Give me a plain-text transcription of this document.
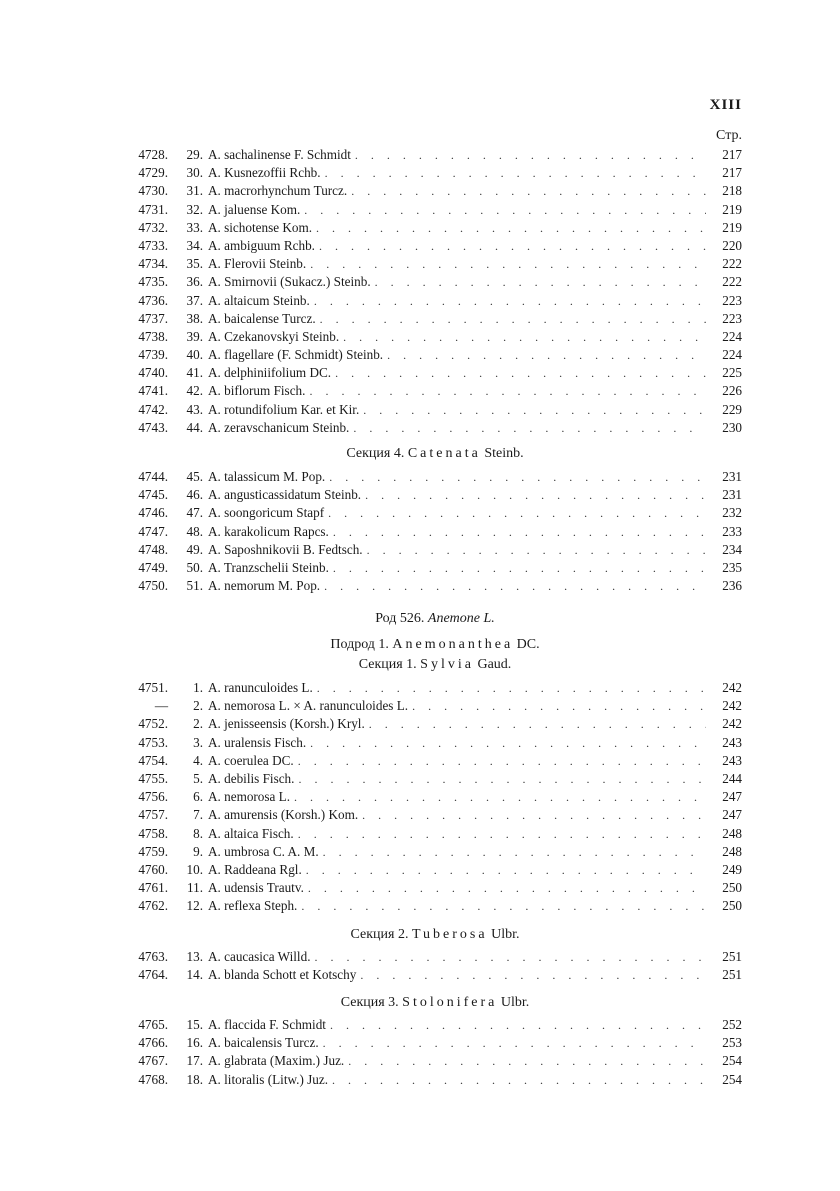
XIII
Стр.
4728.	29. A. sachalinense F. Schmidt . . .	217
4729.	30. A. Kusnezoffii Rchb. . . .	217
4730.	31. A. macrorhynchum Turcz. . . .	218
4731.	32. A. jaluense Kom. . . .	219
4732.	33. A. sichotense Kom. . . .	219
4733.	34. A. ambiguum Rchb. . . .	220
4734.	35. A. Flerovii Steinb. . . .	222
4735.	36. A. Smirnovii (Sukacz.) Steinb. . . .	222
4736.	37. A. altaicum Steinb. . . .	223
4737.	38. A. baicalense Turcz. . . .	223
4738.	39. A. Czekanovskyi Steinb. . . .	224
4739.	40. A. flagellare (F. Schmidt) Steinb. . . .	224
4740.	41. A. delphiniifolium DC. . . .	225
4741.	42. A. biflorum Fisch. . . .	226
4742.	43. A. rotundifolium Kar. et Kir. . . .	229
4743.	44. A. zeravschanicum Steinb. . . .	230
Секция 4. Catenata Steinb.
4744.	45. A. talassicum M. Pop. . . .	231
4745.	46. A. angusticassidatum Steinb. . . .	231
4746.	47. A. soongoricum Stapf . . .	232
4747.	48. A. karakolicum Rapcs. . . .	233
4748.	49. A. Saposhnikovii B. Fedtsch. . . .	234
4749.	50. A. Tranzschelii Steinb. . . .	235
4750.	51. A. nemorum M. Pop. . . .	236
Род 526. Anemone L.
Подрод 1. Anemonanthea DC.
Секция 1. Sylvia Gaud.
4751.	1. A. ranunculoides L. . . .	242
—	2. A. nemorosa L. × A. ranunculoides L. . . .	242
4752.	2. A. jenisseensis (Korsh.) Kryl. . . .	242
4753.	3. A. uralensis Fisch. . . .	243
4754.	4. A. coerulea DC. . . .	243
4755.	5. A. debilis Fisch. . . .	244
4756.	6. A. nemorosa L. . . .	247
4757.	7. A. amurensis (Korsh.) Kom. . . .	247
4758.	8. A. altaica Fisch. . . .	248
4759.	9. A. umbrosa C. A. M. . . .	248
4760.	10. A. Raddeana Rgl. . . .	249
4761.	11. A. udensis Trautv. . . .	250
4762.	12. A. reflexa Steph. . . .	250
Секция 2. Tuberosa Ulbr.
4763.	13. A. caucasica Willd. . . .	251
4764.	14. A. blanda Schott et Kotschy . . .	251
Секция 3. Stolonifera Ulbr.
4765.	15. A. flaccida F. Schmidt . . .	252
4766.	16. A. baicalensis Turcz. . . .	253
4767.	17. A. glabrata (Maxim.) Juz. . . .	254
4768.	18. A. litoralis (Litw.) Juz. . . .	254
